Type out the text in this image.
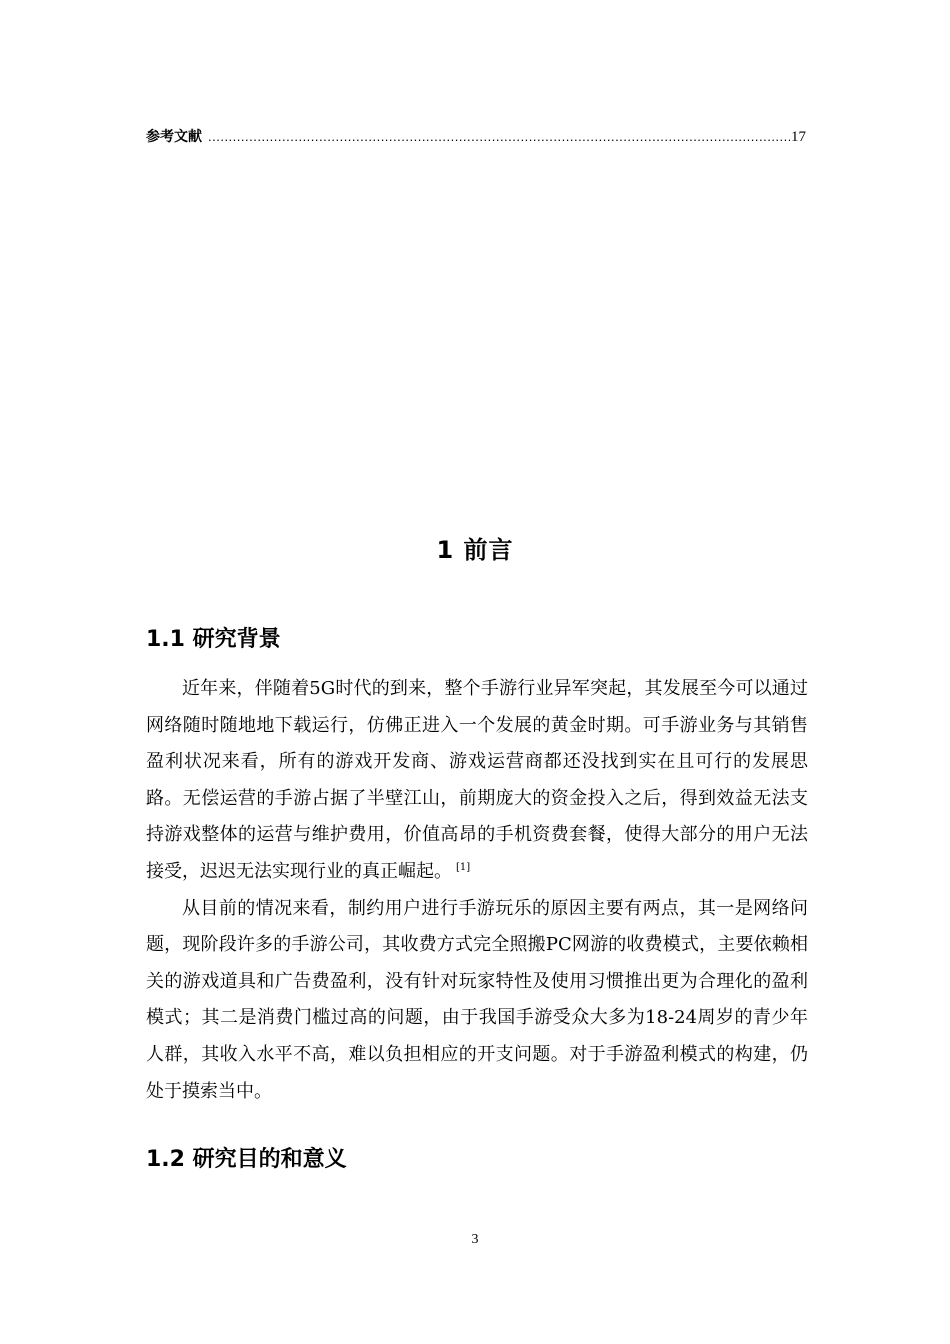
参考文献
.....	17
1 前言
1.1 研究背景

近年来，伴随着5G时代的到来，整个手游行业异军突起，其发展至今可以通过网络随时随地地下载运行，仿佛正进入一个发展的黄金时期。可手游业务与其销售盈利状况来看，所有的游戏开发商、游戏运营商都还没找到实在且可行的发展思路。无偿运营的手游占据了半壁江山，前期庞大的资金投入之后，得到效益无法支持游戏整体的运营与维护费用，价值高昂的手机资费套餐，使得大部分的用户无法接受，迟迟无法实现行业的真正崛起。 [1]

从目前的情况来看，制约用户进行手游玩乐的原因主要有两点，其一是网络问题，现阶段许多的手游公司，其收费方式完全照搬PC网游的收费模式，主要依赖相关的游戏道具和广告费盈利，没有针对玩家特性及使用习惯推出更为合理化的盈利模式；其二是消费门槛过高的问题，由于我国手游受众大多为18-24周岁的青少年人群，其收入水平不高，难以负担相应的开支问题。对于手游盈利模式的构建，仍处于摸索当中。

1.2 研究目的和意义
3
